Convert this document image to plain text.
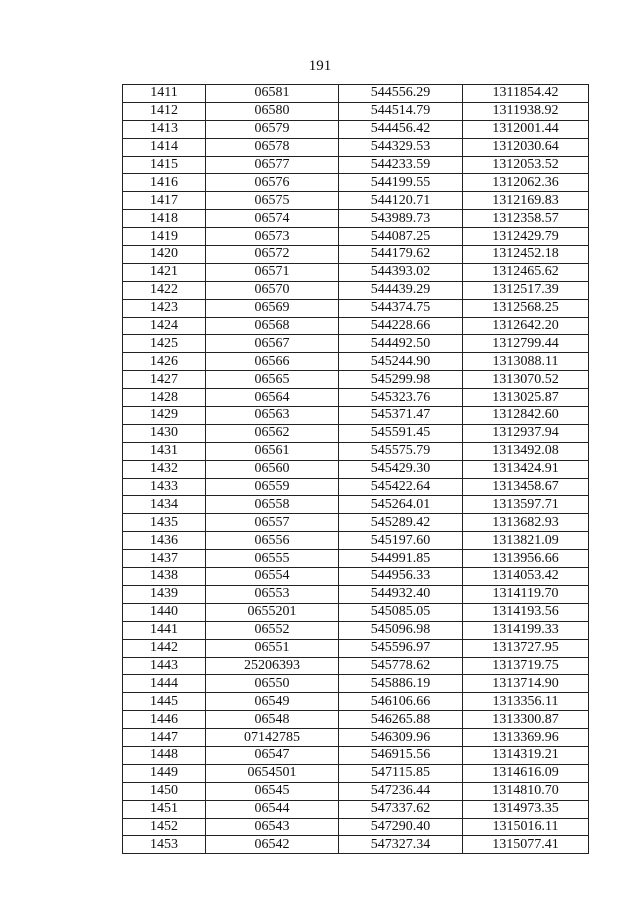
191
1411	06581	544556.29	1311854.42
1412	06580	544514.79	1311938.92
1413	06579	544456.42	1312001.44
1414	06578	544329.53	1312030.64
1415	06577	544233.59	1312053.52
1416	06576	544199.55	1312062.36
1417	06575	544120.71	1312169.83
1418	06574	543989.73	1312358.57
1419	06573	544087.25	1312429.79
1420	06572	544179.62	1312452.18
1421	06571	544393.02	1312465.62
1422	06570	544439.29	1312517.39
1423	06569	544374.75	1312568.25
1424	06568	544228.66	1312642.20
1425	06567	544492.50	1312799.44
1426	06566	545244.90	1313088.11
1427	06565	545299.98	1313070.52
1428	06564	545323.76	1313025.87
1429	06563	545371.47	1312842.60
1430	06562	545591.45	1312937.94
1431	06561	545575.79	1313492.08
1432	06560	545429.30	1313424.91
1433	06559	545422.64	1313458.67
1434	06558	545264.01	1313597.71
1435	06557	545289.42	1313682.93
1436	06556	545197.60	1313821.09
1437	06555	544991.85	1313956.66
1438	06554	544956.33	1314053.42
1439	06553	544932.40	1314119.70
1440	0655201	545085.05	1314193.56
1441	06552	545096.98	1314199.33
1442	06551	545596.97	1313727.95
1443	25206393	545778.62	1313719.75
1444	06550	545886.19	1313714.90
1445	06549	546106.66	1313356.11
1446	06548	546265.88	1313300.87
1447	07142785	546309.96	1313369.96
1448	06547	546915.56	1314319.21
1449	0654501	547115.85	1314616.09
1450	06545	547236.44	1314810.70
1451	06544	547337.62	1314973.35
1452	06543	547290.40	1315016.11
1453	06542	547327.34	1315077.41
